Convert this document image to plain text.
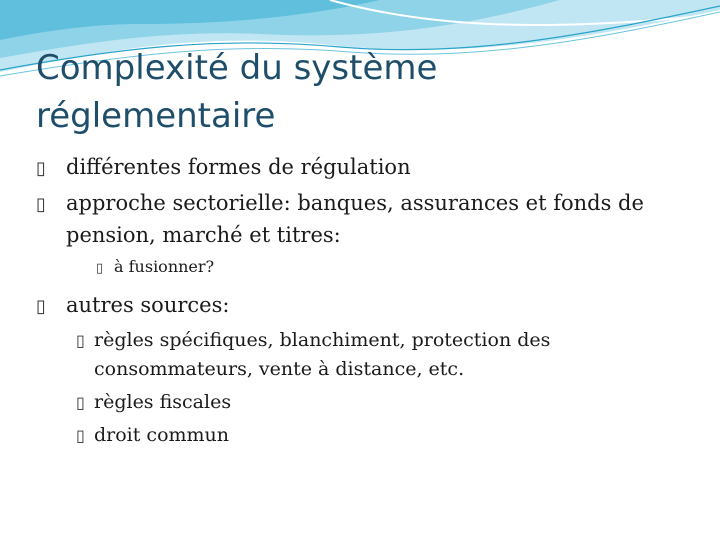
Complexité du système réglementaire

▯ différentes formes de régulation

▯ approche sectorielle: banques, assurances et fonds de pension, marché et titres:

▯ à fusionner?

▯ autres sources:

▯ règles spécifiques, blanchiment, protection des consommateurs, vente à distance, etc.

▯ règles fiscales

▯ droit commun
